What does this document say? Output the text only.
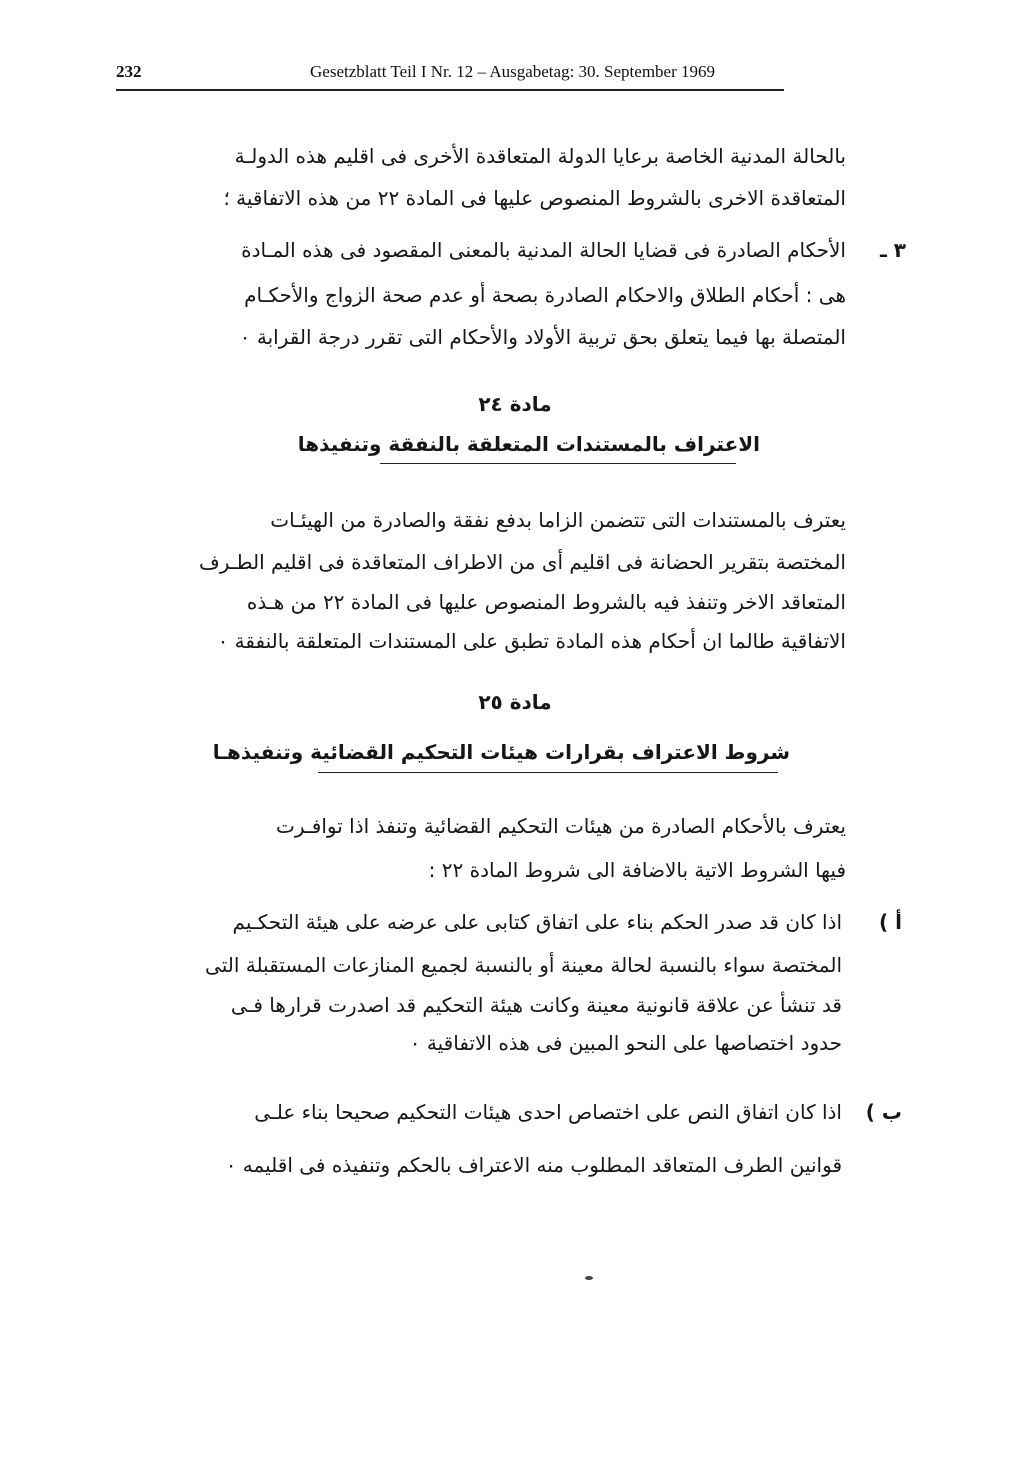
232	Gesetzblatt Teil I Nr. 12 – Ausgabetag: 30. September 1969
بالحالة المدنية الخاصة برعايا الدولة المتعاقدة الأخرى فى اقليم هذه الدولـة
المتعاقدة الاخرى بالشروط المنصوص عليها فى المادة ٢٢ من هذه الاتفاقية ؛
٣ ـ
الأحكام الصادرة فى قضايا الحالة المدنية بالمعنى المقصود فى هذه المـادة
هى : أحكام الطلاق والاحكام الصادرة بصحة أو عدم صحة الزواج والأحكـام
المتصلة بها فيما يتعلق بحق تربية الأولاد والأحكام التى تقرر درجة القرابة ٠
مادة ٢٤
الاعتراف بالمستندات المتعلقة بالنفقة وتنفيذها
يعترف بالمستندات التى تتضمن الزاما بدفع نفقة والصادرة من الهيئـات
المختصة بتقرير الحضانة فى اقليم أى من الاطراف المتعاقدة فى اقليم الطـرف
المتعاقد الاخر وتنفذ فيه بالشروط المنصوص عليها فى المادة ٢٢ من هـذه
الاتفاقية طالما ان أحكام هذه المادة تطبق على المستندات المتعلقة بالنفقة ٠
مادة ٢٥
شروط الاعتراف بقرارات هيئات التحكيم القضائية وتنفيذهـا
يعترف بالأحكام الصادرة من هيئات التحكيم القضائية وتنفذ اذا توافـرت
فيها الشروط الاتية بالاضافة الى شروط المادة ٢٢ :
أ )
اذا كان قد صدر الحكم بناء على اتفاق كتابى على عرضه على هيئة التحكـيم
المختصة سواء بالنسبة لحالة معينة أو بالنسبة لجميع المنازعات المستقبلة التى
قد تنشأ عن علاقة قانونية معينة وكانت هيئة التحكيم قد اصدرت قرارها فـى
حدود اختصاصها على النحو المبين فى هذه الاتفاقية ٠
ب )
اذا كان اتفاق النص على اختصاص احدى هيئات التحكيم صحيحا بناء علـى
قوانين الطرف المتعاقد المطلوب منه الاعتراف بالحكم وتنفيذه فى اقليمه ٠
